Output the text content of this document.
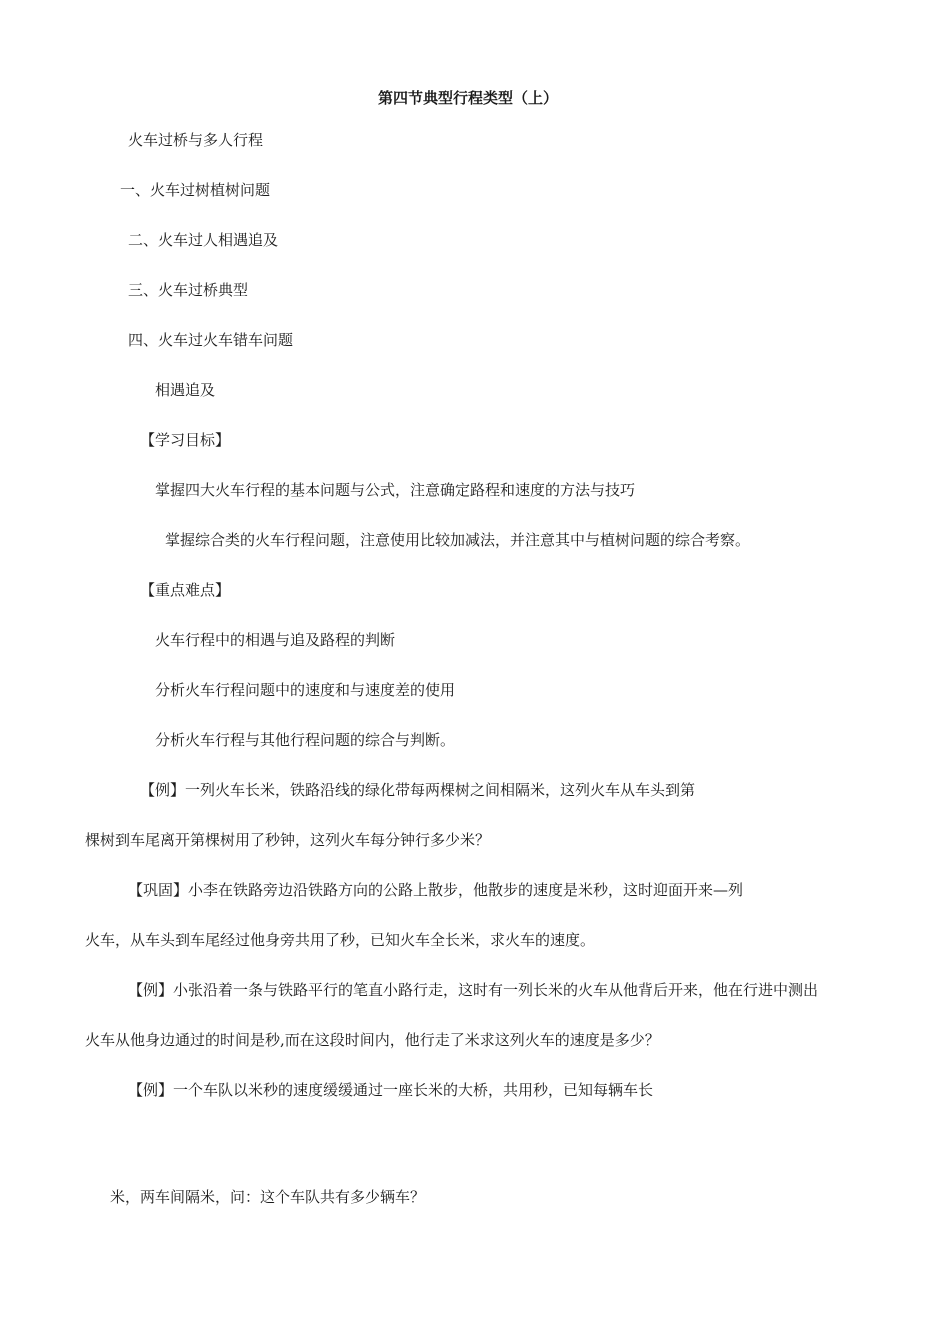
第四节典型行程类型（上）
火车过桥与多人行程
一、火车过树植树问题
二、火车过人相遇追及
三、火车过桥典型
四、火车过火车错车问题
相遇追及
【学习目标】
掌握四大火车行程的基本问题与公式，注意确定路程和速度的方法与技巧
掌握综合类的火车行程问题，注意使用比较加减法，并注意其中与植树问题的综合考察。
【重点难点】
火车行程中的相遇与追及路程的判断
分析火车行程问题中的速度和与速度差的使用
分析火车行程与其他行程问题的综合与判断。
【例】一列火车长米，铁路沿线的绿化带每两棵树之间相隔米，这列火车从车头到第
棵树到车尾离开第棵树用了秒钟，这列火车每分钟行多少米？
【巩固】小李在铁路旁边沿铁路方向的公路上散步，他散步的速度是米秒，这时迎面开来—列
火车，从车头到车尾经过他身旁共用了秒，已知火车全长米，求火车的速度。
【例】小张沿着一条与铁路平行的笔直小路行走，这时有一列长米的火车从他背后开来，他在行进中测出
火车从他身边通过的时间是秒,而在这段时间内，他行走了米求这列火车的速度是多少？
【例】一个车队以米秒的速度缓缓通过一座长米的大桥，共用秒，已知每辆车长
米，两车间隔米，问：这个车队共有多少辆车？
